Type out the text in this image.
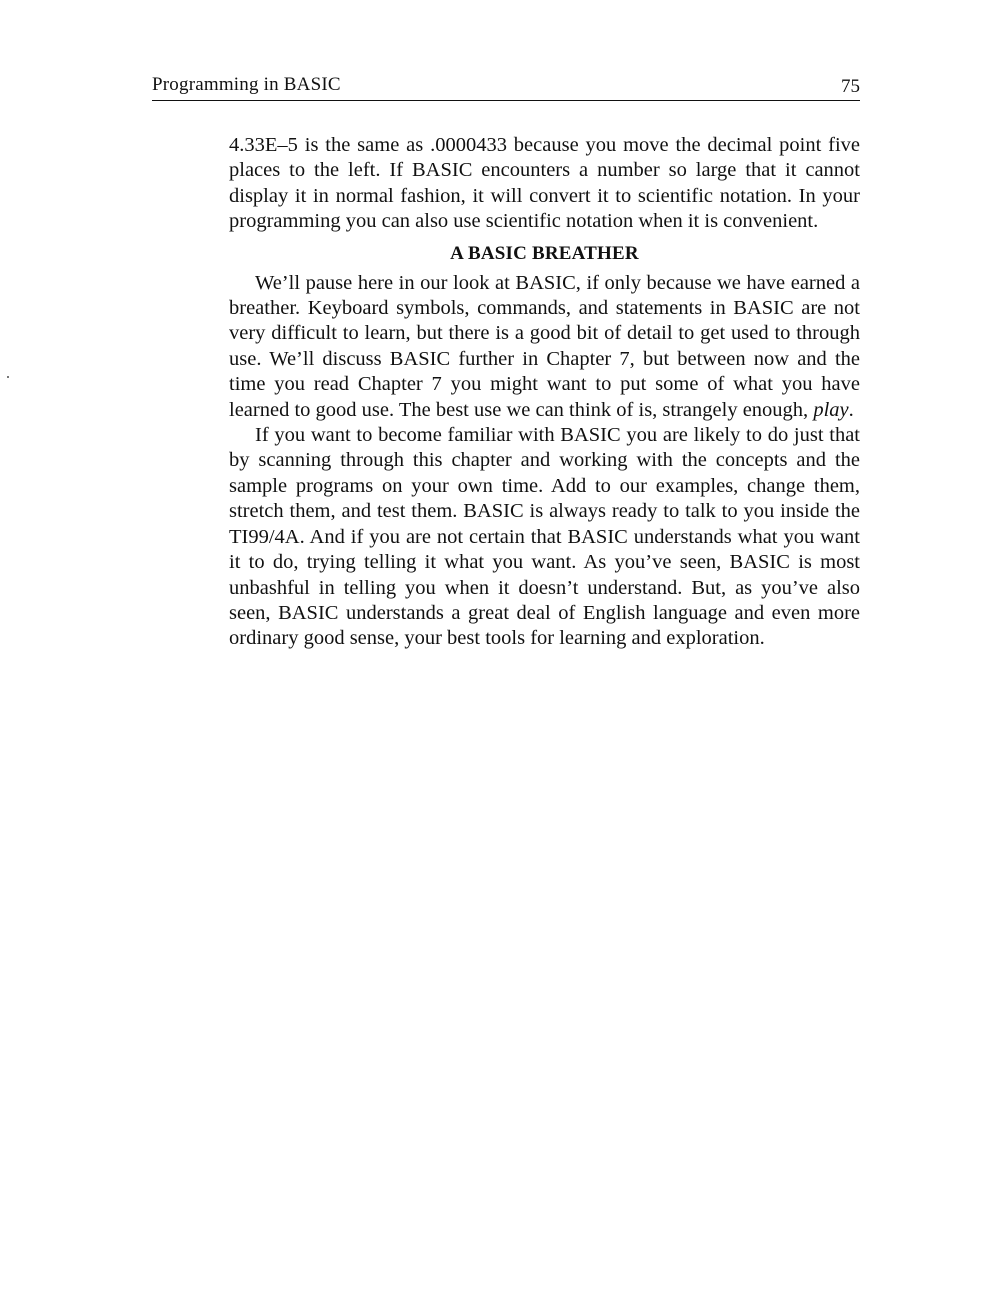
Programming in BASIC	75

4.33E–5 is the same as .0000433 because you move the decimal point five places to the left. If BASIC encounters a number so large that it cannot display it in normal fashion, it will convert it to scientific notation. In your programming you can also use scientific notation when it is convenient.

A BASIC BREATHER

We’ll pause here in our look at BASIC, if only because we have earned a breather. Keyboard symbols, commands, and statements in BASIC are not very difficult to learn, but there is a good bit of detail to get used to through use. We’ll discuss BASIC further in Chapter 7, but between now and the time you read Chapter 7 you might want to put some of what you have learned to good use. The best use we can think of is, strangely enough, play.

If you want to become familiar with BASIC you are likely to do just that by scanning through this chapter and working with the concepts and the sample programs on your own time. Add to our examples, change them, stretch them, and test them. BASIC is always ready to talk to you inside the TI99/4A. And if you are not certain that BASIC understands what you want it to do, trying telling it what you want. As you’ve seen, BASIC is most unbashful in telling you when it doesn’t understand. But, as you’ve also seen, BASIC understands a great deal of English language and even more ordinary good sense, your best tools for learning and exploration.
